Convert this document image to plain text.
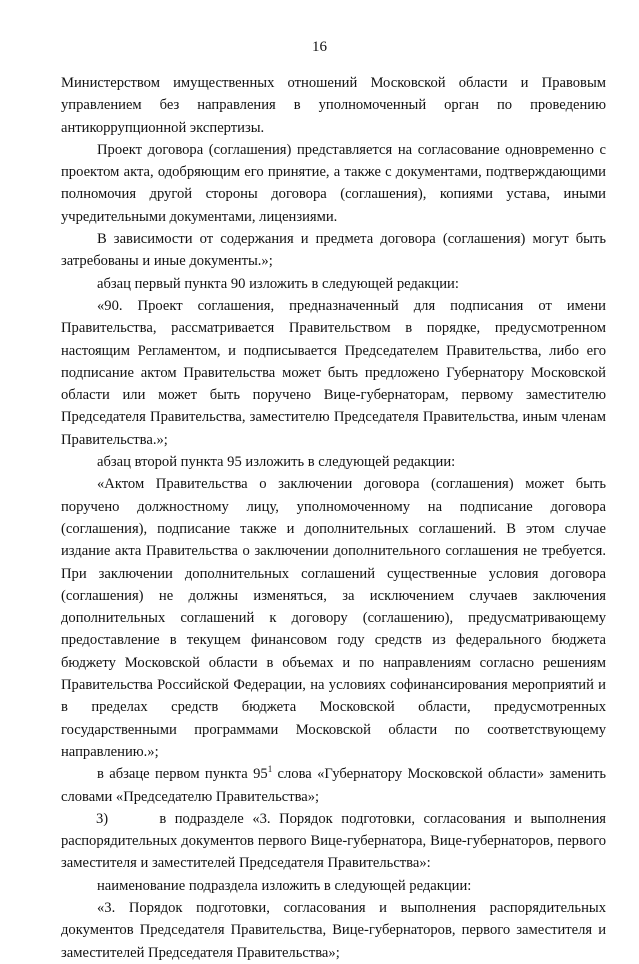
16

Министерством имущественных отношений Московской области и Правовым управлением без направления в уполномоченный орган по проведению антикоррупционной экспертизы.

Проект договора (соглашения) представляется на согласование одновременно с проектом акта, одобряющим его принятие, а также с документами, подтверждающими полномочия другой стороны договора (соглашения), копиями устава, иными учредительными документами, лицензиями.

В зависимости от содержания и предмета договора (соглашения) могут быть затребованы и иные документы.»;

абзац первый пункта 90 изложить в следующей редакции:

«90. Проект соглашения, предназначенный для подписания от имени Правительства, рассматривается Правительством в порядке, предусмотренном настоящим Регламентом, и подписывается Председателем Правительства, либо его подписание актом Правительства может быть предложено Губернатору Московской области или может быть поручено Вице-губернаторам, первому заместителю Председателя Правительства, заместителю Председателя Правительства, иным членам Правительства.»;

абзац второй пункта 95 изложить в следующей редакции:

«Актом Правительства о заключении договора (соглашения) может быть поручено должностному лицу, уполномоченному на подписание договора (соглашения), подписание также и дополнительных соглашений. В этом случае издание акта Правительства о заключении дополнительного соглашения не требуется. При заключении дополнительных соглашений существенные условия договора (соглашения) не должны изменяться, за исключением случаев заключения дополнительных соглашений к договору (соглашению), предусматривающему предоставление в текущем финансовом году средств из федерального бюджета бюджету Московской области в объемах и по направлениям согласно решениям Правительства Российской Федерации, на условиях софинансирования мероприятий и в пределах средств бюджета Московской области, предусмотренных государственными программами Московской области по соответствующему направлению.»;

в абзаце первом пункта $95^1$ слова «Губернатору Московской области» заменить словами «Председателю Правительства»;

3)      в подразделе «3. Порядок подготовки, согласования и выполнения распорядительных документов первого Вице-губернатора, Вице-губернаторов, первого заместителя и заместителей Председателя Правительства»:

наименование подраздела изложить в следующей редакции:

«3. Порядок подготовки, согласования и выполнения распорядительных документов Председателя Правительства, Вице-губернаторов, первого заместителя и заместителей Председателя Правительства»;
